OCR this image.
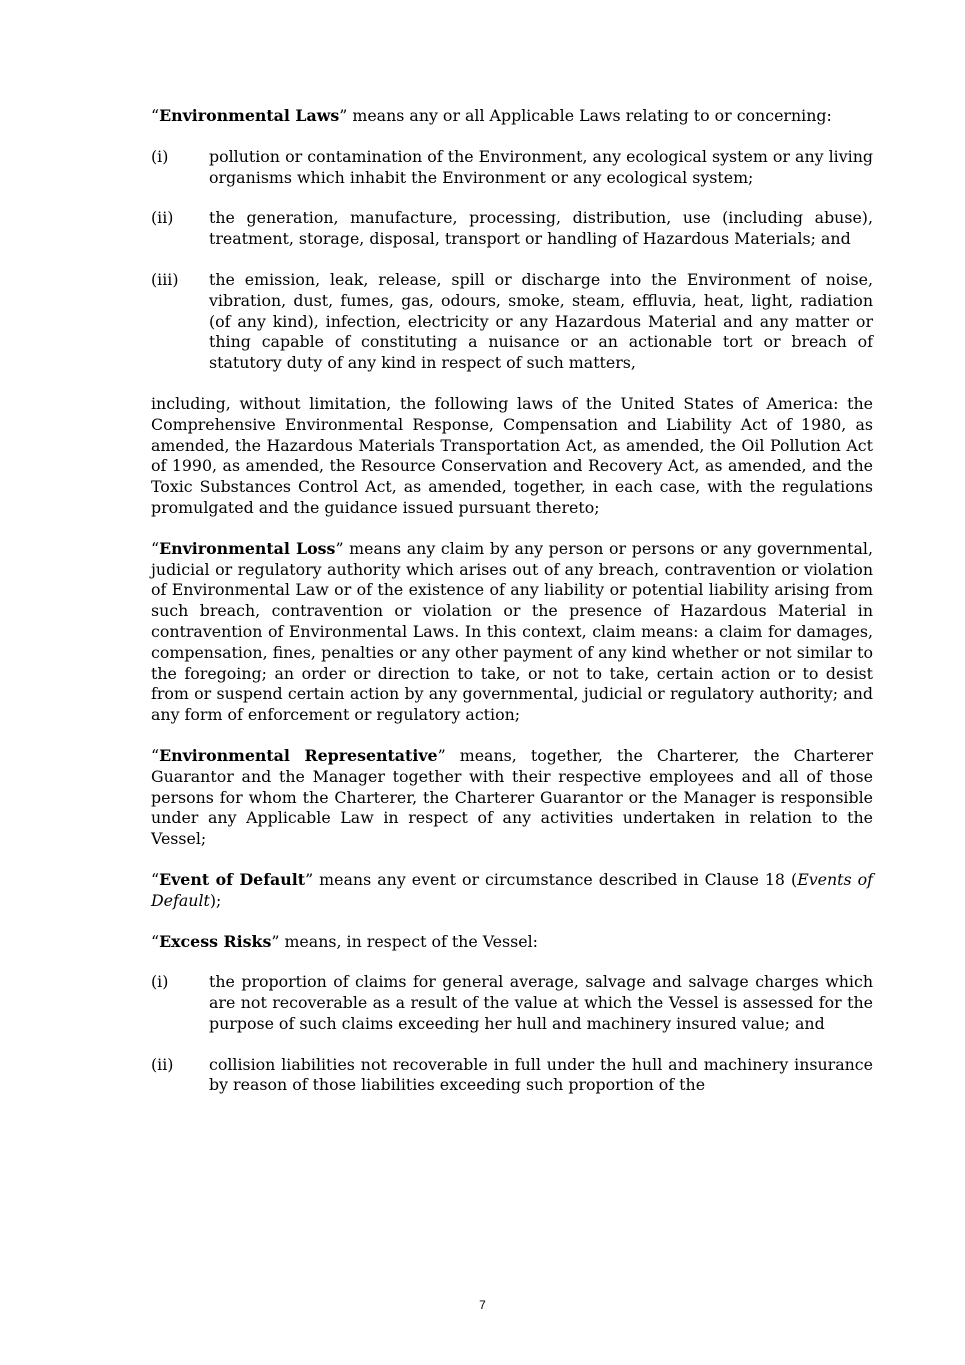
“Environmental Laws” means any or all Applicable Laws relating to or concerning:

(i)	pollution or contamination of the Environment, any ecological system or any living organisms which inhabit the Environment or any ecological system;
(ii)	the generation, manufacture, processing, distribution, use (including abuse), treatment, storage, disposal, transport or handling of Hazardous Materials; and
(iii)	the emission, leak, release, spill or discharge into the Environment of noise, vibration, dust, fumes, gas, odours, smoke, steam, effluvia, heat, light, radiation (of any kind), infection, electricity or any Hazardous Material and any matter or thing capable of constituting a nuisance or an actionable tort or breach of statutory duty of any kind in respect of such matters,

including, without limitation, the following laws of the United States of America: the Comprehensive Environmental Response, Compensation and Liability Act of 1980, as amended, the Hazardous Materials Transportation Act, as amended, the Oil Pollution Act of 1990, as amended, the Resource Conservation and Recovery Act, as amended, and the Toxic Substances Control Act, as amended, together, in each case, with the regulations promulgated and the guidance issued pursuant thereto;

“Environmental Loss” means any claim by any person or persons or any governmental, judicial or regulatory authority which arises out of any breach, contravention or violation of Environmental Law or of the existence of any liability or potential liability arising from such breach, contravention or violation or the presence of Hazardous Material in contravention of Environmental Laws. In this context, claim means: a claim for damages, compensation, fines, penalties or any other payment of any kind whether or not similar to the foregoing; an order or direction to take, or not to take, certain action or to desist from or suspend certain action by any governmental, judicial or regulatory authority; and any form of enforcement or regulatory action;

“Environmental Representative” means, together, the Charterer, the Charterer Guarantor and the Manager together with their respective employees and all of those persons for whom the Charterer, the Charterer Guarantor or the Manager is responsible under any Applicable Law in respect of any activities undertaken in relation to the Vessel;

“Event of Default” means any event or circumstance described in Clause 18 (Events of Default);

“Excess Risks” means, in respect of the Vessel:

(i)	the proportion of claims for general average, salvage and salvage charges which are not recoverable as a result of the value at which the Vessel is assessed for the purpose of such claims exceeding her hull and machinery insured value; and
(ii)	collision liabilities not recoverable in full under the hull and machinery insurance by reason of those liabilities exceeding such proportion of the
7
